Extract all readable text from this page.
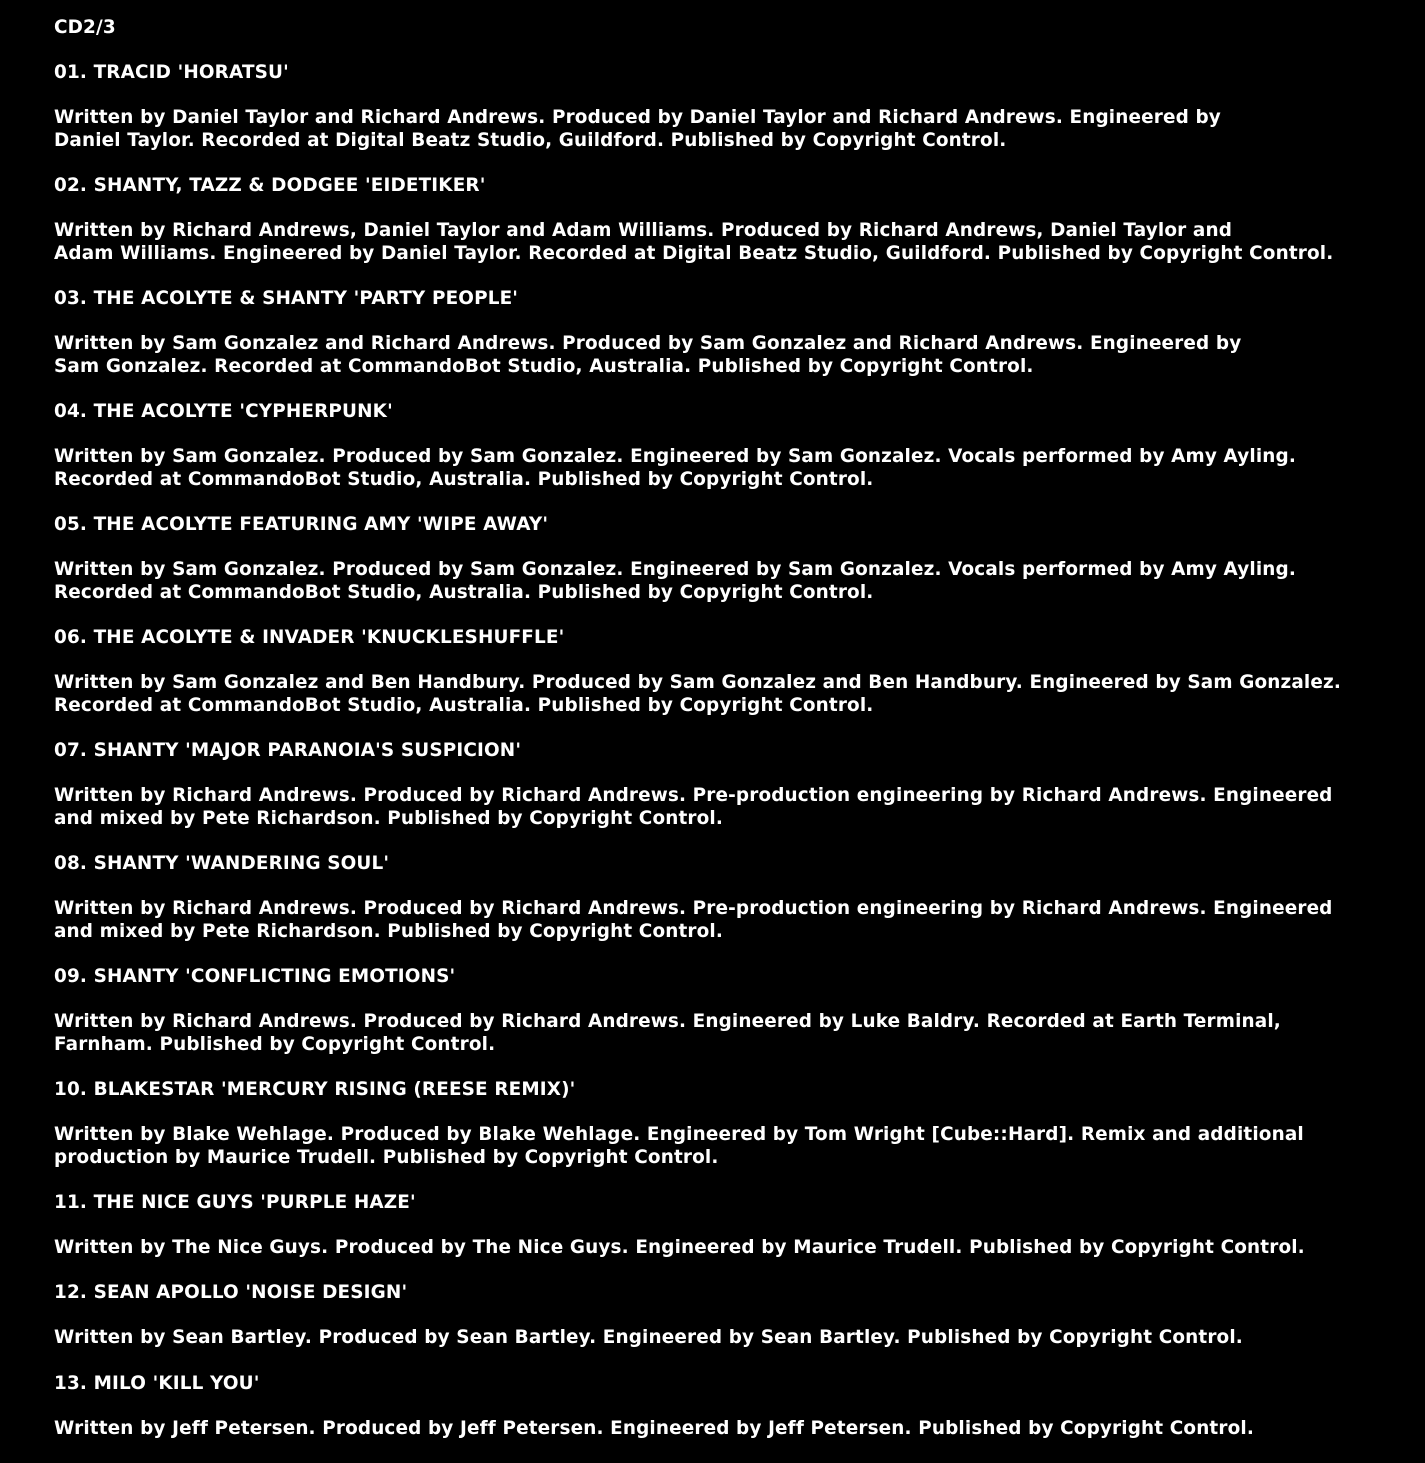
CD2/3
01. TRACID 'HORATSU'
Written by Daniel Taylor and Richard Andrews. Produced by Daniel Taylor and Richard Andrews. Engineered by
Daniel Taylor. Recorded at Digital Beatz Studio, Guildford. Published by Copyright Control.
02. SHANTY, TAZZ & DODGEE 'EIDETIKER'
Written by Richard Andrews, Daniel Taylor and Adam Williams. Produced by Richard Andrews, Daniel Taylor and
Adam Williams. Engineered by Daniel Taylor. Recorded at Digital Beatz Studio, Guildford. Published by Copyright Control.
03. THE ACOLYTE & SHANTY 'PARTY PEOPLE'
Written by Sam Gonzalez and Richard Andrews. Produced by Sam Gonzalez and Richard Andrews. Engineered by
Sam Gonzalez. Recorded at CommandoBot Studio, Australia. Published by Copyright Control.
04. THE ACOLYTE 'CYPHERPUNK'
Written by Sam Gonzalez. Produced by Sam Gonzalez. Engineered by Sam Gonzalez. Vocals performed by Amy Ayling.
Recorded at CommandoBot Studio, Australia. Published by Copyright Control.
05. THE ACOLYTE FEATURING AMY 'WIPE AWAY'
Written by Sam Gonzalez. Produced by Sam Gonzalez. Engineered by Sam Gonzalez. Vocals performed by Amy Ayling.
Recorded at CommandoBot Studio, Australia. Published by Copyright Control.
06. THE ACOLYTE & INVADER 'KNUCKLESHUFFLE'
Written by Sam Gonzalez and Ben Handbury. Produced by Sam Gonzalez and Ben Handbury. Engineered by Sam Gonzalez.
Recorded at CommandoBot Studio, Australia. Published by Copyright Control.
07. SHANTY 'MAJOR PARANOIA'S SUSPICION'
Written by Richard Andrews. Produced by Richard Andrews. Pre-production engineering by Richard Andrews. Engineered
and mixed by Pete Richardson. Published by Copyright Control.
08. SHANTY 'WANDERING SOUL'
Written by Richard Andrews. Produced by Richard Andrews. Pre-production engineering by Richard Andrews. Engineered
and mixed by Pete Richardson. Published by Copyright Control.
09. SHANTY 'CONFLICTING EMOTIONS'
Written by Richard Andrews. Produced by Richard Andrews. Engineered by Luke Baldry. Recorded at Earth Terminal,
Farnham. Published by Copyright Control.
10. BLAKESTAR 'MERCURY RISING (REESE REMIX)'
Written by Blake Wehlage. Produced by Blake Wehlage. Engineered by Tom Wright [Cube::Hard]. Remix and additional
production by Maurice Trudell. Published by Copyright Control.
11. THE NICE GUYS 'PURPLE HAZE'
Written by The Nice Guys. Produced by The Nice Guys. Engineered by Maurice Trudell. Published by Copyright Control.
12. SEAN APOLLO 'NOISE DESIGN'
Written by Sean Bartley. Produced by Sean Bartley. Engineered by Sean Bartley. Published by Copyright Control.
13. MILO 'KILL YOU'
Written by Jeff Petersen. Produced by Jeff Petersen. Engineered by Jeff Petersen. Published by Copyright Control.
